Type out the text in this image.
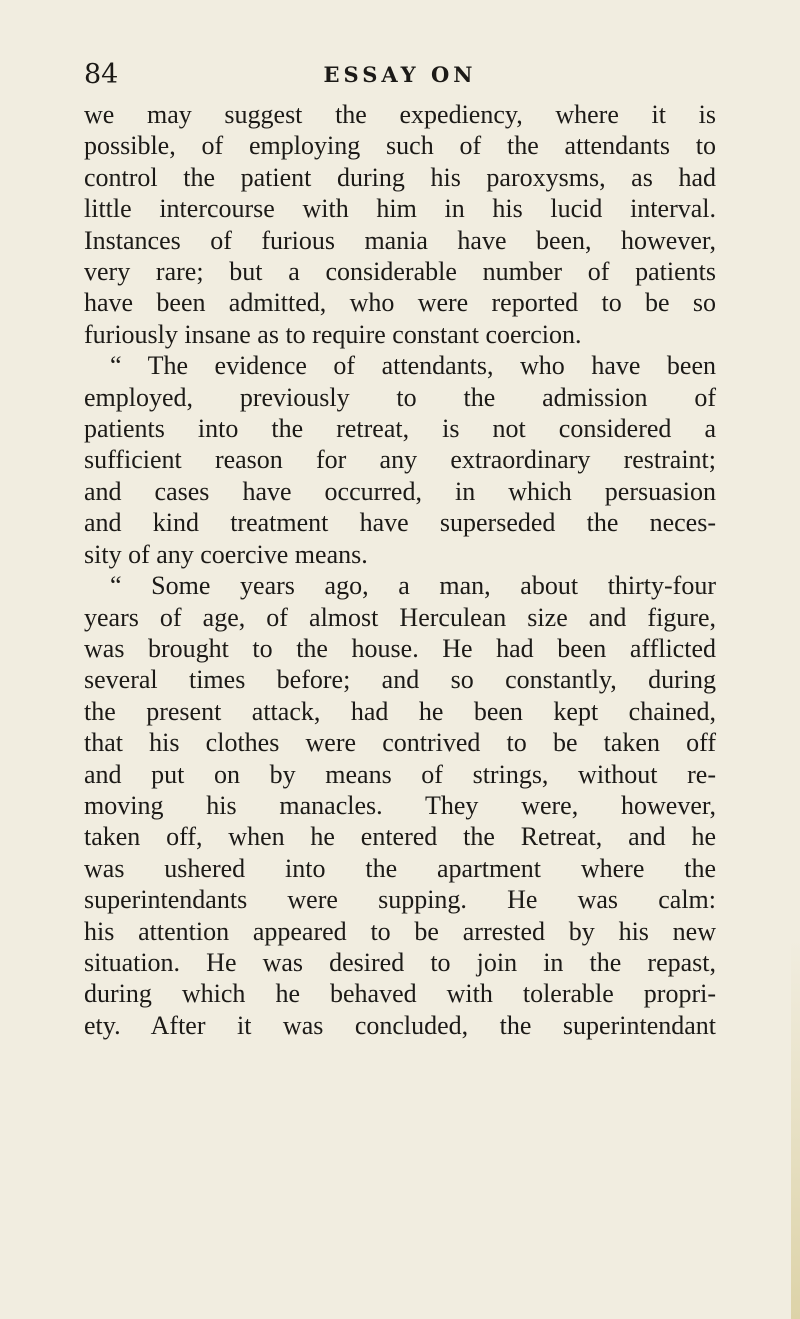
84	ESSAY ON
we may suggest the expediency, where it is
possible, of employing such of the attendants to
control the patient during his paroxysms, as had
little intercourse with him in his lucid interval.
Instances of furious mania have been, however,
very rare; but a considerable number of patients
have been admitted, who were reported to be so
furiously insane as to require constant coercion.
“ The evidence of attendants, who have been
employed, previously to the admission of
patients into the retreat, is not considered a
sufficient reason for any extraordinary restraint;
and cases have occurred, in which persuasion
and kind treatment have superseded the neces-
sity of any coercive means.
“ Some years ago, a man, about thirty-four
years of age, of almost Herculean size and figure,
was brought to the house. He had been afflicted
several times before; and so constantly, during
the present attack, had he been kept chained,
that his clothes were contrived to be taken off
and put on by means of strings, without re-
moving his manacles. They were, however,
taken off, when he entered the Retreat, and he
was ushered into the apartment where the
superintendants were supping. He was calm:
his attention appeared to be arrested by his new
situation. He was desired to join in the repast,
during which he behaved with tolerable propri-
ety. After it was concluded, the superintendant
